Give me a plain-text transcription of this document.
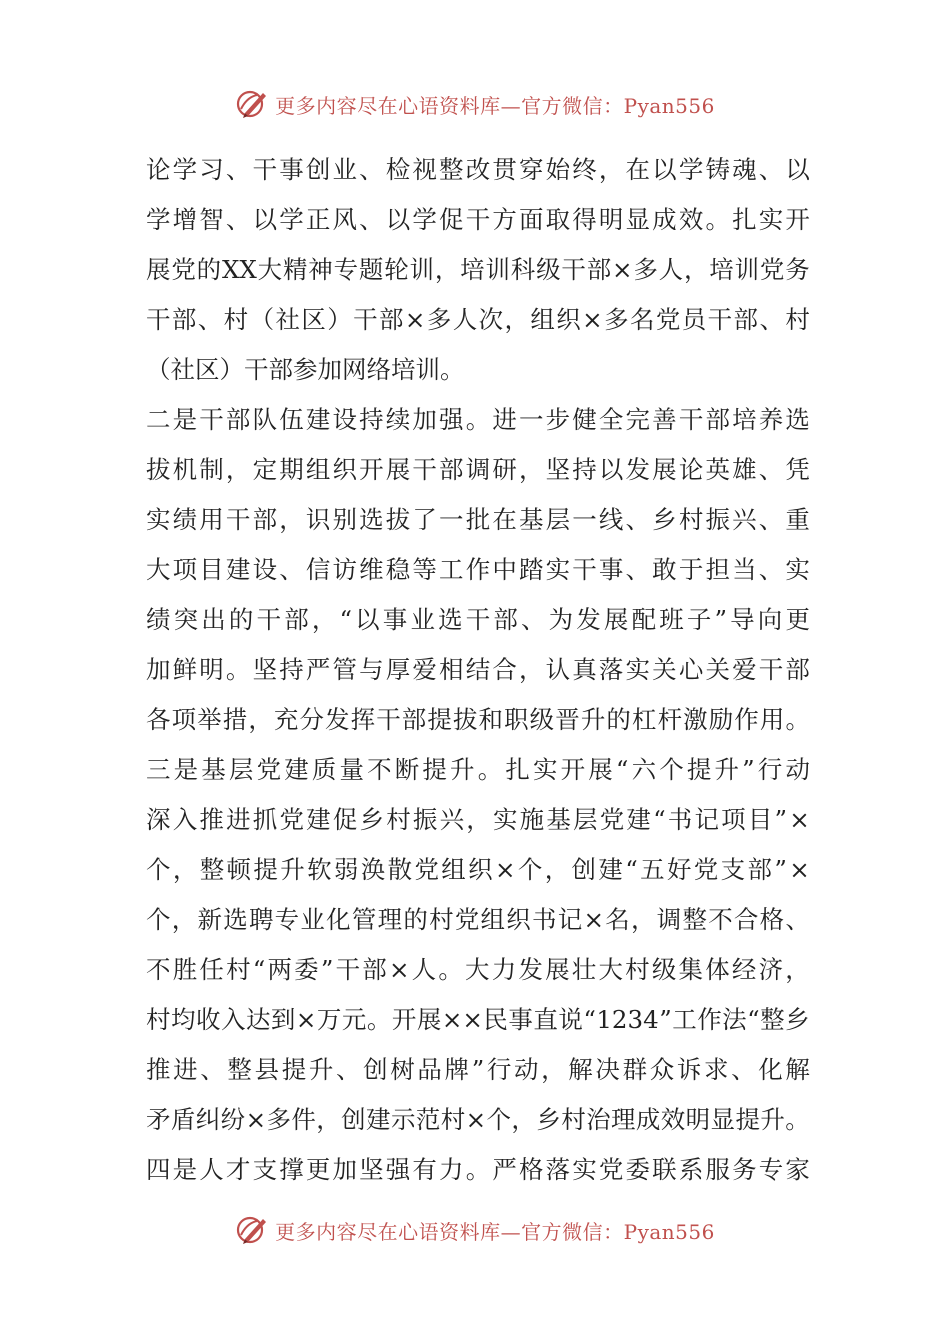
更多内容尽在心语资料库—官方微信：Pyan556
论 学 习 、 干 事 创 业 、 检 视 整 改 贯 穿 始 终 ， 在 以 学 铸 魂 、 以
学 增 智 、 以 学 正 风 、 以 学 促 干 方 面 取 得 明 显 成 效 。 扎 实 开
展 党 的 XX 大 精 神 专 题 轮 训 ， 培 训 科 级 干 部 × 多 人 ， 培 训 党 务
干 部 、 村 （ 社 区 ） 干 部 × 多 人 次 ， 组 织 × 多 名 党 员 干 部 、 村
（社区）干部参加网络培训。
二 是 干 部 队 伍 建 设 持 续 加 强 。 进 一 步 健 全 完 善 干 部 培 养 选
拔 机 制 ， 定 期 组 织 开 展 干 部 调 研 ， 坚 持 以 发 展 论 英 雄 、 凭
实 绩 用 干 部 ， 识 别 选 拔 了 一 批 在 基 层 一 线 、 乡 村 振 兴 、 重
大 项 目 建 设 、 信 访 维 稳 等 工 作 中 踏 实 干 事 、 敢 于 担 当 、 实
绩 突 出 的 干 部 ， “ 以 事 业 选 干 部 、 为 发 展 配 班 子 ” 导 向 更
加 鲜 明 。 坚 持 严 管 与 厚 爱 相 结 合 ， 认 真 落 实 关 心 关 爱 干 部
各 项 举 措 ， 充 分 发 挥 干 部 提 拔 和 职 级 晋 升 的 杠 杆 激 励 作 用 。
三 是 基 层 党 建 质 量 不 断 提 升 。 扎 实 开 展 “ 六 个 提 升 ” 行 动
深 入 推 进 抓 党 建 促 乡 村 振 兴 ， 实 施 基 层 党 建 “ 书 记 项 目 ” ×
个 ， 整 顿 提 升 软 弱 涣 散 党 组 织 × 个 ， 创 建 “ 五 好 党 支 部 ” ×
个 ， 新 选 聘 专 业 化 管 理 的 村 党 组 织 书 记 × 名 ， 调 整 不 合 格 、
不 胜 任 村 “ 两 委 ” 干 部 × 人 。 大 力 发 展 壮 大 村 级 集 体 经 济 ，
村 均 收 入 达 到 × 万 元 。 开 展 ×× 民 事 直 说 “ 1234 ” 工 作 法 “ 整 乡
推 进 、 整 县 提 升 、 创 树 品 牌 ” 行 动 ， 解 决 群 众 诉 求 、 化 解
矛 盾 纠 纷 × 多 件 ， 创 建 示 范 村 × 个 ， 乡 村 治 理 成 效 明 显 提 升 。
四 是 人 才 支 撑 更 加 坚 强 有 力 。 严 格 落 实 党 委 联 系 服 务 专 家
更多内容尽在心语资料库—官方微信：Pyan556
